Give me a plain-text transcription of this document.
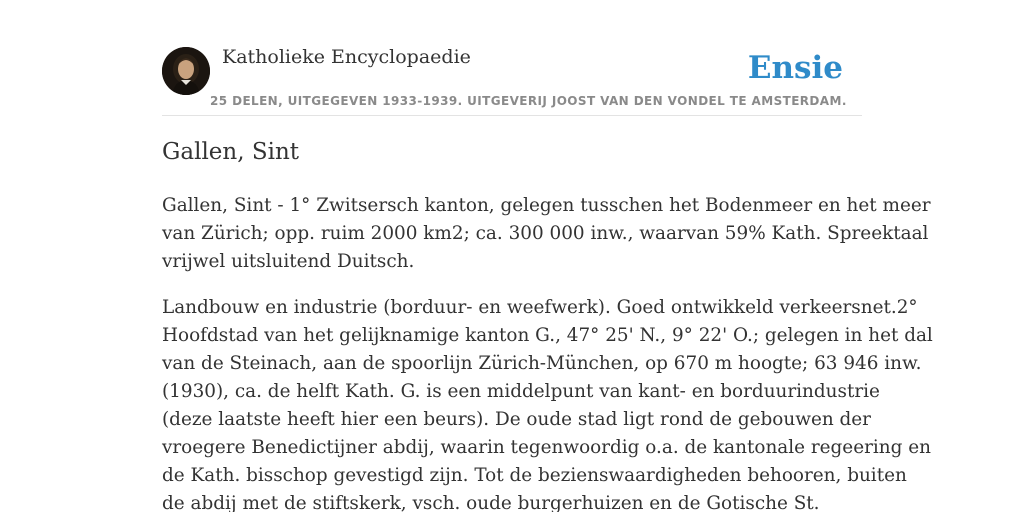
Katholieke Encyclopaedie
25 DELEN, UITGEGEVEN 1933-1939. UITGEVERIJ JOOST VAN DEN VONDEL TE AMSTERDAM.
Ensie
Gallen, Sint

Gallen, Sint - 1° Zwitsersch kanton, gelegen tusschen het Bodenmeer en het meer
van Zürich; opp. ruim 2000 km2; ca. 300 000 inw., waarvan 59% Kath. Spreektaal
vrijwel uitsluitend Duitsch.

Landbouw en industrie (borduur- en weefwerk). Goed ontwikkeld verkeersnet.2°
Hoofdstad van het gelijknamige kanton G., 47° 25' N., 9° 22' O.; gelegen in het dal
van de Steinach, aan de spoorlijn Zürich-München, op 670 m hoogte; 63 946 inw.
(1930), ca. de helft Kath. G. is een middelpunt van kant- en borduurindustrie
(deze laatste heeft hier een beurs). De oude stad ligt rond de gebouwen der
vroegere Benedictijner abdij, waarin tegenwoordig o.a. de kantonale regeering en
de Kath. bisschop gevestigd zijn. Tot de bezienswaardigheden behooren, buiten
de abdij met de stiftskerk, vsch. oude burgerhuizen en de Gotische St.
